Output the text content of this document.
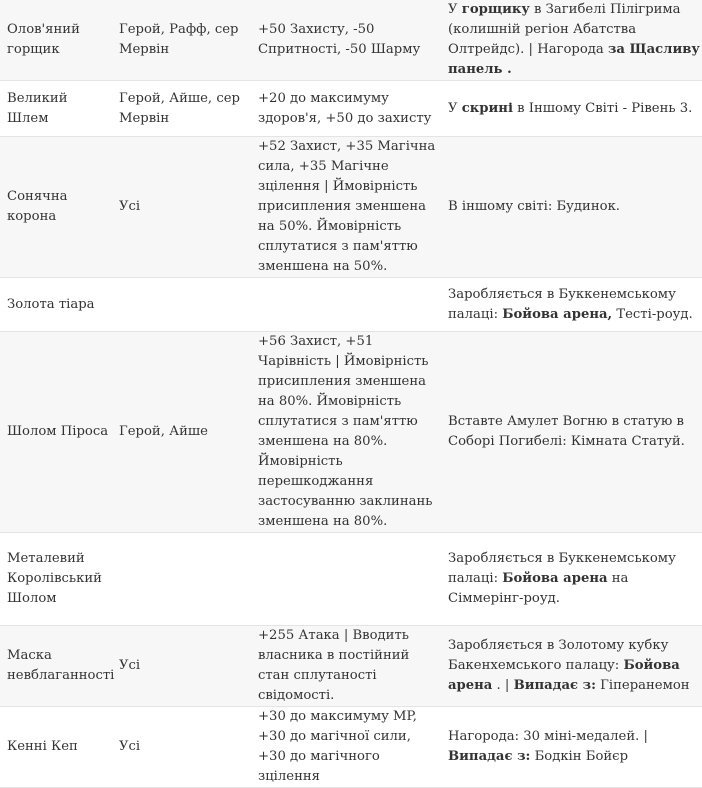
Олов'яний горщик	Герой, Рафф, сер Мервін	+50 Захисту, -50 Спритності, -50 Шарму	У горщику в Загибелі Пілігрима (колишній регіон Абатства Олтрейдс). | Нагорода за Щасливу панель .
Великий Шлем	Герой, Айше, сер Мервін	+20 до максимуму здоров'я, +50 до захисту	У скрині в Іншому Світі - Рівень 3.
Сонячна корона	Усі	+52 Захист, +35 Магічна сила, +35 Магічне зцілення | Ймовірність присипления зменшена на 50%. Ймовірність сплутатися з пам'яттю зменшена на 50%.	В іншому світі: Будинок.
Золота тіара			Заробляється в Буккенемському палаці: Бойова арена, Тесті-роуд.
Шолом Піроса	Герой, Айше	+56 Захист, +51 Чарівність | Ймовірність присипления зменшена на 80%. Ймовірність сплутатися з пам'яттю зменшена на 80%. Ймовірність перешкоджання застосуванню заклинань зменшена на 80%.	Вставте Амулет Вогню в статую в Соборі Погибелі: Кімната Статуй.
Металевий Королівський Шолом			Заробляється в Буккенемському палаці: Бойова арена на Сіммерінг-роуд.
Маска невблаганності	Усі	+255 Атака | Вводить власника в постійний стан сплутаності свідомості.	Заробляється в Золотому кубку Бакенхемського палацу: Бойова арена . | Випадає з: Гіперанемон
Кенні Кеп	Усі	+30 до максимуму MP, +30 до магічної сили, +30 до магічного зцілення	Нагорода: 30 міні-медалей. | Випадає з: Бодкін Бойєр
